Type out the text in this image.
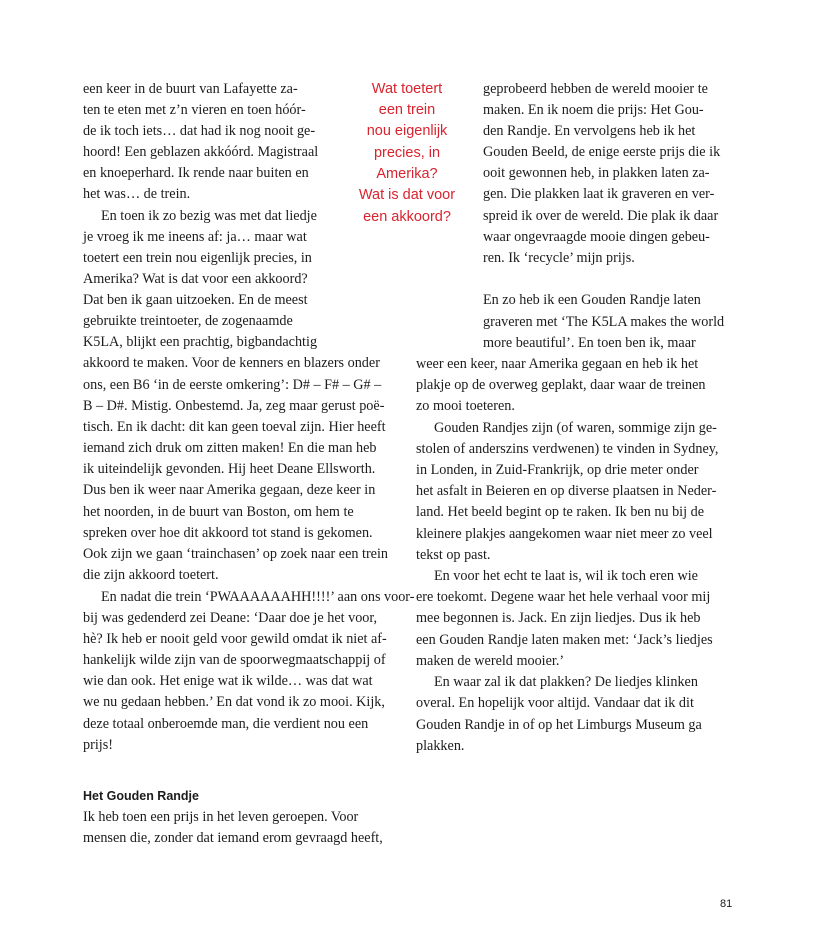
een keer in de buurt van Lafayette za-
ten te eten met z’n vieren en toen hóór-
de ik toch iets… dat had ik nog nooit ge-
hoord! Een geblazen akkóórd. Magistraal
en knoeperhard. Ik rende naar buiten en
het was… de trein.
En toen ik zo bezig was met dat liedje
je vroeg ik me ineens af: ja… maar wat
toetert een trein nou eigenlijk precies, in
Amerika? Wat is dat voor een akkoord?
Dat ben ik gaan uitzoeken. En de meest
gebruikte treintoeter, de zogenaamde
K5LA, blijkt een prachtig, bigbandachtig
akkoord te maken. Voor de kenners en blazers onder
ons, een B6 ‘in de eerste omkering’: D# – F# – G# –
B – D#. Mistig. Onbestemd. Ja, zeg maar gerust poë-
tisch. En ik dacht: dit kan geen toeval zijn. Hier heeft
iemand zich druk om zitten maken! En die man heb
ik uiteindelijk gevonden. Hij heet Deane Ellsworth.
Dus ben ik weer naar Amerika gegaan, deze keer in
het noorden, in de buurt van Boston, om hem te
spreken over hoe dit akkoord tot stand is gekomen.
Ook zijn we gaan ‘trainchasen’ op zoek naar een trein
die zijn akkoord toetert.
En nadat die trein ‘PWAAAAAAHH!!!!’ aan ons voor-
bij was gedenderd zei Deane: ‘Daar doe je het voor,
hè? Ik heb er nooit geld voor gewild omdat ik niet af-
hankelijk wilde zijn van de spoorwegmaatschappij of
wie dan ook. Het enige wat ik wilde… was dat wat
we nu gedaan hebben.’ En dat vond ik zo mooi. Kijk,
deze totaal onberoemde man, die verdient nou een
prijs!
Het Gouden Randje
Ik heb toen een prijs in het leven geroepen. Voor
mensen die, zonder dat iemand erom gevraagd heeft,
Wat toetert
een trein
nou eigenlijk
precies, in
Amerika?
Wat is dat voor
een akkoord?
geprobeerd hebben de wereld mooier te
maken. En ik noem die prijs: Het Gou-
den Randje. En vervolgens heb ik het
Gouden Beeld, de enige eerste prijs die ik
ooit gewonnen heb, in plakken laten za-
gen. Die plakken laat ik graveren en ver-
spreid ik over de wereld. Die plak ik daar
waar ongevraagde mooie dingen gebeu-
ren. Ik ‘recycle’ mijn prijs.
En zo heb ik een Gouden Randje laten
graveren met ‘The K5LA makes the world
more beautiful’. En toen ben ik, maar
weer een keer, naar Amerika gegaan en heb ik het
plakje op de overweg geplakt, daar waar de treinen
zo mooi toeteren.
Gouden Randjes zijn (of waren, sommige zijn ge-
stolen of anderszins verdwenen) te vinden in Sydney,
in Londen, in Zuid-Frankrijk, op drie meter onder
het asfalt in Beieren en op diverse plaatsen in Neder-
land. Het beeld begint op te raken. Ik ben nu bij de
kleinere plakjes aangekomen waar niet meer zo veel
tekst op past.
En voor het echt te laat is, wil ik toch eren wie
ere toekomt. Degene waar het hele verhaal voor mij
mee begonnen is. Jack. En zijn liedjes. Dus ik heb
een Gouden Randje laten maken met: ‘Jack’s liedjes
maken de wereld mooier.’
En waar zal ik dat plakken? De liedjes klinken
overal. En hopelijk voor altijd. Vandaar dat ik dit
Gouden Randje in of op het Limburgs Museum ga
plakken.
81
